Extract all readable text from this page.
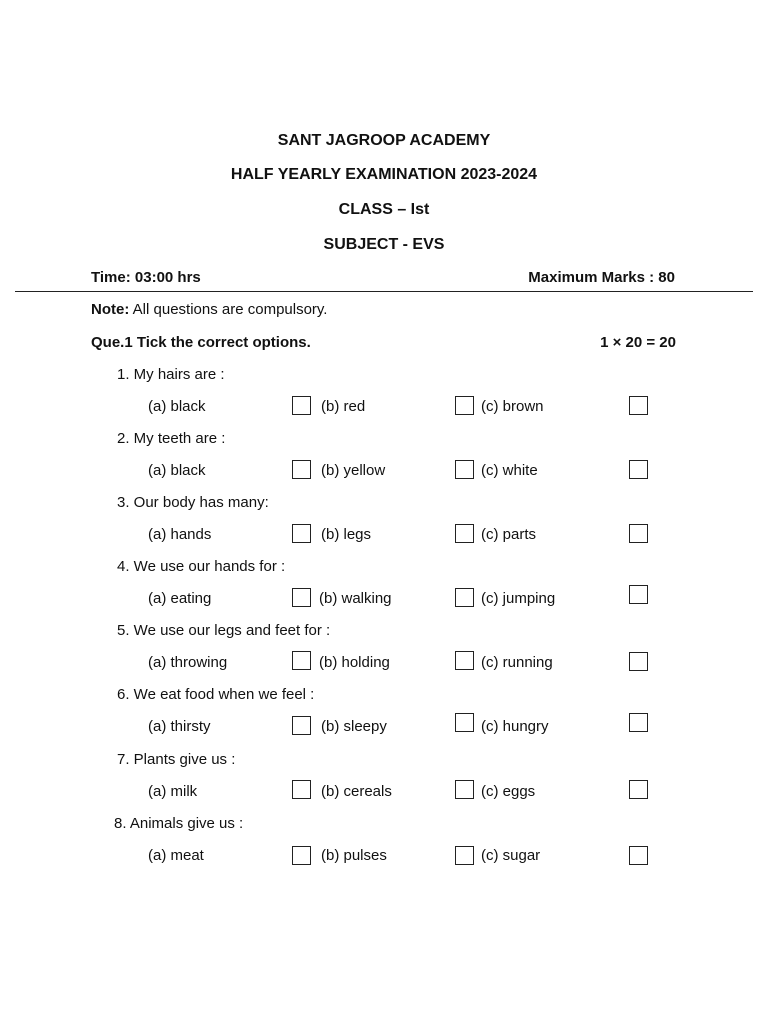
SANT JAGROOP ACADEMY
HALF YEARLY EXAMINATION 2023-2024
CLASS – Ist
SUBJECT - EVS
Time: 03:00 hrs	Maximum Marks : 80
Note: All questions are compulsory.
Que.1 Tick the correct options.	1 × 20 = 20
1. My hairs are :
(a) black	(b) red	(c) brown
2. My teeth are :
(a) black	(b) yellow	(c) white
3. Our body has many:
(a) hands	(b) legs	(c) parts
4. We use our hands for :
(a) eating	(b) walking	(c) jumping
5. We use our legs and feet for :
(a) throwing	(b) holding	(c) running
6. We eat food when we feel :
(a) thirsty	(b) sleepy	(c) hungry
7. Plants give us :
(a) milk	(b) cereals	(c) eggs
8. Animals give us :
(a) meat	(b) pulses	(c) sugar
